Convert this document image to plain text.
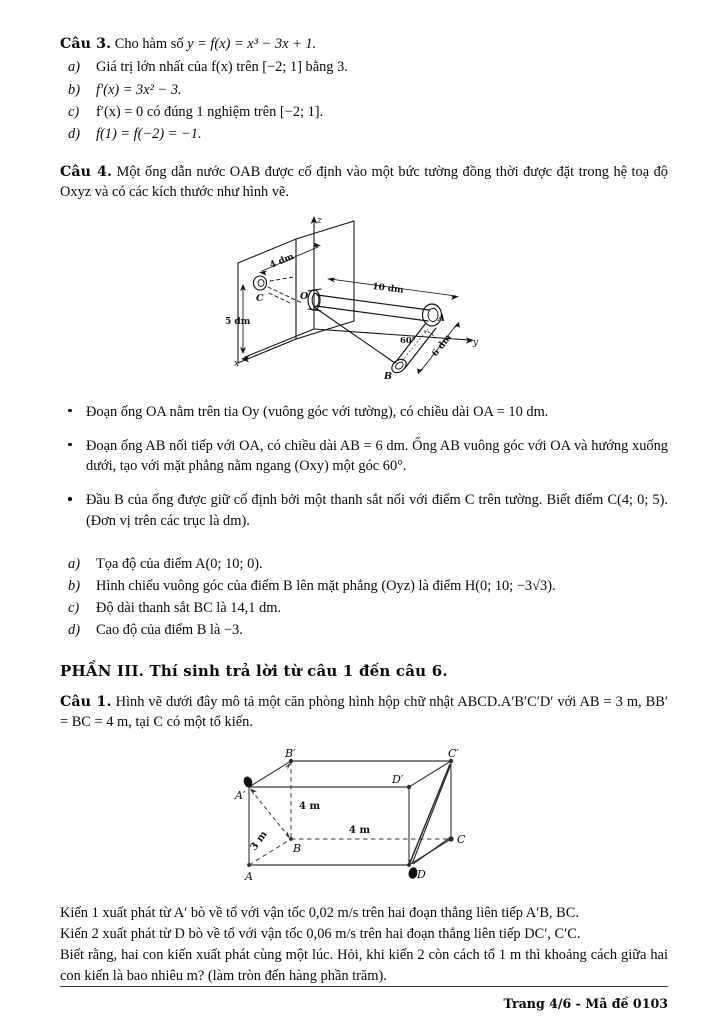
Câu 3. Cho hàm số y = f(x) = x³ − 3x + 1.

a)	Giá trị lớn nhất của f(x) trên [−2; 1] bằng 3.
b)	f′(x) = 3x² − 3.
c)	f′(x) = 0 có đúng 1 nghiệm trên [−2; 1].
d)	f(1) = f(−2) = −1.

Câu 4. Một ống dẫn nước OAB được cố định vào một bức tường đồng thời được đặt trong hệ toạ độ Oxyz và có các kích thước như hình vẽ.

z
x
y
O
C
A
B
4 dm
5 dm
10 dm
6 dm
60°
Đoạn ống OA nằm trên tia Oy (vuông góc với tường), có chiều dài OA = 10 dm.
Đoạn ống AB nối tiếp với OA, có chiều dài AB = 6 dm. Ống AB vuông góc với OA và hướng xuống dưới, tạo với mặt phẳng nằm ngang (Oxy) một góc 60°.
Đầu B của ống được giữ cố định bởi một thanh sắt nối với điểm C trên tường. Biết điểm C(4; 0; 5). (Đơn vị trên các trục là dm).
a)	Tọa độ của điểm A(0; 10; 0).
b)	Hình chiếu vuông góc của điểm B lên mặt phẳng (Oyz) là điểm H(0; 10; −3√3).
c)	Độ dài thanh sắt BC là 14,1 dm.
d)	Cao độ của điểm B là −3.

PHẦN III. Thí sinh trả lời từ câu 1 đến câu 6.

Câu 1. Hình vẽ dưới đây mô tả một căn phòng hình hộp chữ nhật ABCD.A′B′C′D′ với AB = 3 m, BB′ = BC = 4 m, tại C có một tổ kiến.

A
B
C
D
A′
B′	C′
D′
4 m
4 m
3 m

Kiến 1 xuất phát từ A′ bò về tổ với vận tốc 0,02 m/s trên hai đoạn thẳng liên tiếp A′B, BC.

Kiến 2 xuất phát từ D bò về tổ với vận tốc 0,06 m/s trên hai đoạn thẳng liên tiếp DC′, C′C.

Biết rằng, hai con kiến xuất phát cùng một lúc. Hỏi, khi kiến 2 còn cách tổ 1 m thì khoảng cách giữa hai con kiến là bao nhiêu m? (làm tròn đến hàng phần trăm).

Trang 4/6 - Mã đề 0103
